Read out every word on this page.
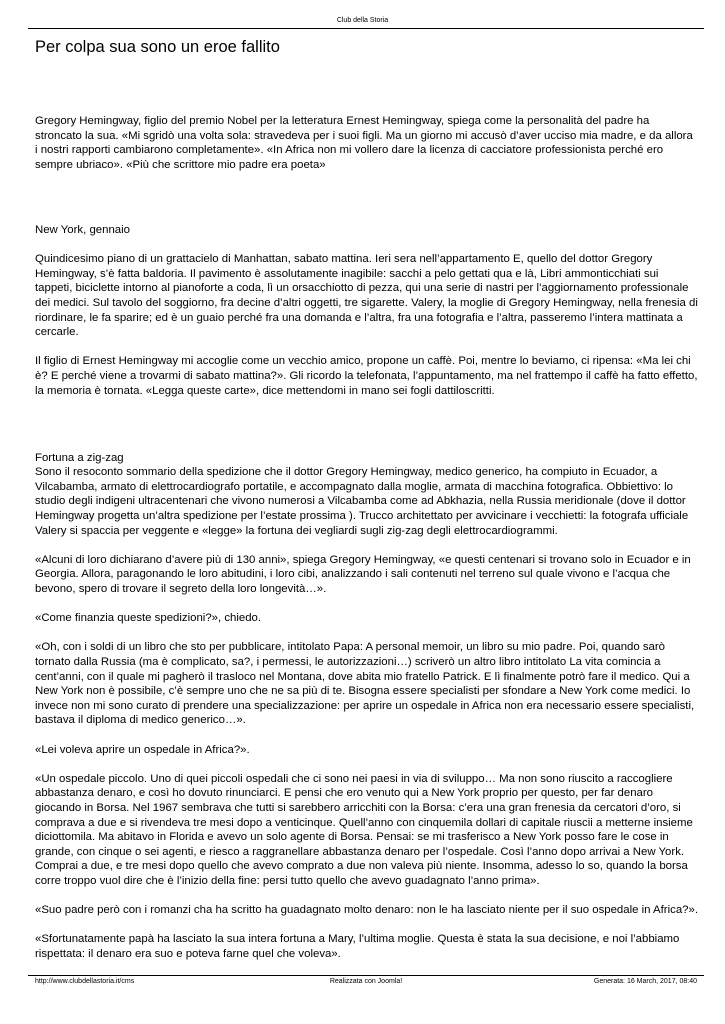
Club della Storia
Per colpa sua sono un eroe fallito

Gregory Hemingway, figlio del premio Nobel per la letteratura Ernest Hemingway, spiega come la personalità del padre ha stroncato la sua. «Mi sgridò una volta sola: stravedeva per i suoi figli. Ma un giorno mi accusò d’aver ucciso mia madre, e da allora i nostri rapporti cambiarono completamente». «In Africa non mi vollero dare la licenza di cacciatore professionista perché ero sempre ubriaco». «Più che scrittore mio padre era poeta»

New York, gennaio

Quindicesimo piano di un grattacielo di Manhattan, sabato mattina. Ieri sera nell’appartamento E, quello del dottor Gregory Hemingway, s’è fatta baldoria. Il pavimento è assolutamente inagibile: sacchi a pelo gettati qua e là, Libri ammonticchiati sui tappeti, biciclette intorno al pianoforte a coda, lì un orsacchiotto di pezza, qui una serie di nastri per l’aggiornamento professionale dei medici. Sul tavolo del soggiorno, fra decine d’altri oggetti, tre sigarette. Valery, la moglie di Gregory Hemingway, nella frenesia di riordinare, le fa sparire; ed è un guaio perché fra una domanda e l’altra, fra una fotografia e l’altra, passeremo l’intera mattinata a cercarle.

Il figlio di Ernest Hemingway mi accoglie come un vecchio amico, propone un caffè. Poi, mentre lo beviamo, ci ripensa: «Ma lei chi è? E perché viene a trovarmi di sabato mattina?». Gli ricordo la telefonata, l’appuntamento, ma nel frattempo il caffè ha fatto effetto, la memoria è tornata. «Legga queste carte», dice mettendomi in mano sei fogli dattiloscritti.

Fortuna a zig-zag

Sono il resoconto sommario della spedizione che il dottor Gregory Hemingway, medico generico, ha compiuto in Ecuador, a Vilcabamba, armato di elettrocardiografo portatile, e accompagnato dalla moglie, armata di macchina fotografica. Obbiettivo: lo studio degli indigeni ultracentenari che vivono numerosi a Vilcabamba come ad Abkhazia, nella Russia meridionale (dove il dottor Hemingway progetta un’altra spedizione per l’estate prossima ). Trucco architettato per avvicinare i vecchietti: la fotografa ufficiale Valery si spaccia per veggente e «legge» la fortuna dei vegliardi sugli zig-zag degli elettrocardiogrammi.

«Alcuni di loro dichiarano d’avere più di 130 anni», spiega Gregory Hemingway, «e questi centenari si trovano solo in Ecuador e in Georgia. Allora, paragonando le loro abitudini, i loro cibi, analizzando i sali contenuti nel terreno sul quale vivono e l’acqua che bevono, spero di trovare il segreto della loro longevità…».

«Come finanzia queste spedizioni?», chiedo.

«Oh, con i soldi di un libro che sto per pubblicare, intitolato Papa: A personal memoir, un libro su mio padre. Poi, quando sarò tornato dalla Russia (ma è complicato, sa?, i permessi, le autorizzazioni…) scriverò un altro libro intitolato La vita comincia a cent’anni, con il quale mi pagherò il trasloco nel Montana, dove abita mio fratello Patrick. E lì finalmente potrò fare il medico. Qui a New York non è possibile, c’è sempre uno che ne sa più di te. Bisogna essere specialisti per sfondare a New York come medici. Io invece non mi sono curato di prendere una specializzazione: per aprire un ospedale in Africa non era necessario essere specialisti, bastava il diploma di medico generico…».

«Lei voleva aprire un ospedale in Africa?».

«Un ospedale piccolo. Uno di quei piccoli ospedali che ci sono nei paesi in via di sviluppo… Ma non sono riuscito a raccogliere abbastanza denaro, e così ho dovuto rinunciarci. E pensi che ero venuto qui a New York proprio per questo, per far denaro giocando in Borsa. Nel 1967 sembrava che tutti si sarebbero arricchiti con la Borsa: c’era una gran frenesia da cercatori d’oro, si comprava a due e si rivendeva tre mesi dopo a venticinque. Quell’anno con cinquemila dollari di capitale riuscii a metterne insieme diciottomila. Ma abitavo in Florida e avevo un solo agente di Borsa. Pensai: se mi trasferisco a New York posso fare le cose in grande, con cinque o sei agenti, e riesco a raggranellare abbastanza denaro per l’ospedale. Così l’anno dopo arrivai a New York. Comprai a due, e tre mesi dopo quello che avevo comprato a due non valeva più niente. Insomma, adesso lo so, quando la borsa corre troppo vuol dire che è l’inizio della fine: persi tutto quello che avevo guadagnato l’anno prima».

«Suo padre però con i romanzi cha ha scritto ha guadagnato molto denaro: non le ha lasciato niente per il suo ospedale in Africa?».

«Sfortunatamente papà ha lasciato la sua intera fortuna a Mary, l’ultima moglie. Questa è stata la sua decisione, e noi l’abbiamo rispettata: il denaro era suo e poteva farne quel che voleva».

http://www.clubdellastoria.it/cms	Realizzata con Joomla!	Generata: 16 March, 2017, 08:40
